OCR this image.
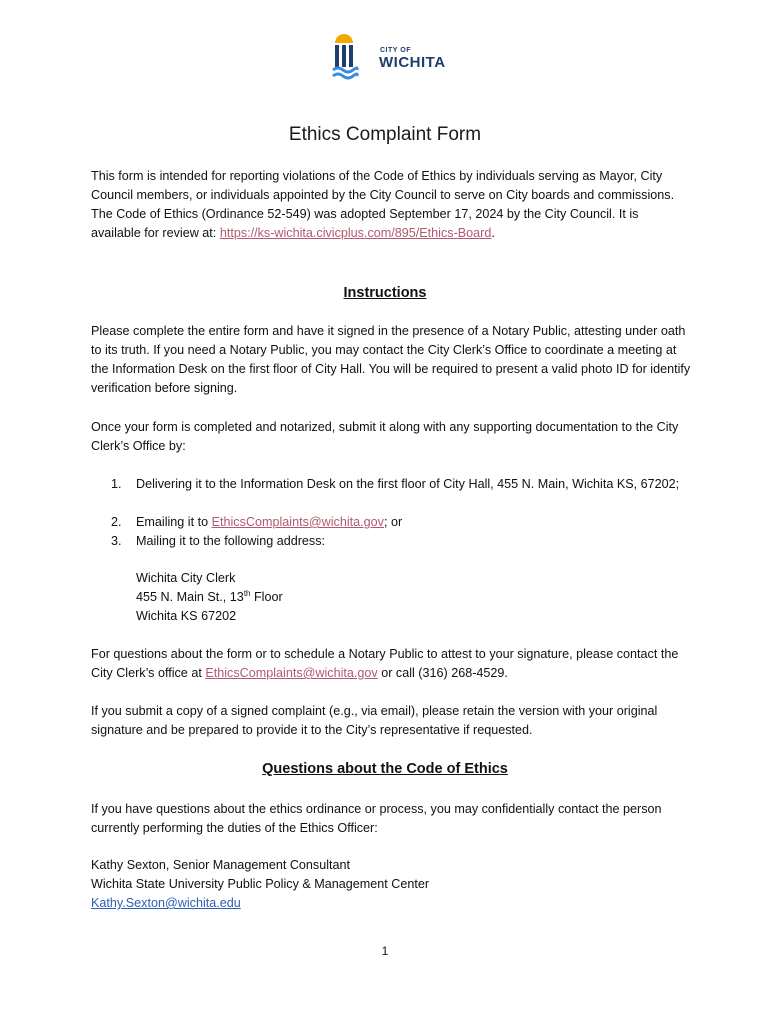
CITY OF
WICHITA
Ethics Complaint Form

This form is intended for reporting violations of the Code of Ethics by individuals serving as Mayor, City Council members, or individuals appointed by the City Council to serve on City boards and commissions. The Code of Ethics (Ordinance 52-549) was adopted September 17, 2024 by the City Council. It is available for review at: https://ks-wichita.civicplus.com/895/Ethics-Board.

Instructions

Please complete the entire form and have it signed in the presence of a Notary Public, attesting under oath to its truth. If you need a Notary Public, you may contact the City Clerk’s Office to coordinate a meeting at the Information Desk on the first floor of City Hall. You will be required to present a valid photo ID for identify verification before signing.

Once your form is completed and notarized, submit it along with any supporting documentation to the City Clerk’s Office by:

1. Delivering it to the Information Desk on the first floor of City Hall, 455 N. Main, Wichita KS, 67202;
2. Emailing it to EthicsComplaints@wichita.gov; or
3. Mailing it to the following address:
Wichita City Clerk
455 N. Main St., 13th Floor
Wichita KS 67202

For questions about the form or to schedule a Notary Public to attest to your signature, please contact the City Clerk’s office at EthicsComplaints@wichita.gov or call (316) 268-4529.

If you submit a copy of a signed complaint (e.g., via email), please retain the version with your original signature and be prepared to provide it to the City’s representative if requested.

Questions about the Code of Ethics

If you have questions about the ethics ordinance or process, you may confidentially contact the person currently performing the duties of the Ethics Officer:

Kathy Sexton, Senior Management Consultant
Wichita State University Public Policy & Management Center
Kathy.Sexton@wichita.edu
1
